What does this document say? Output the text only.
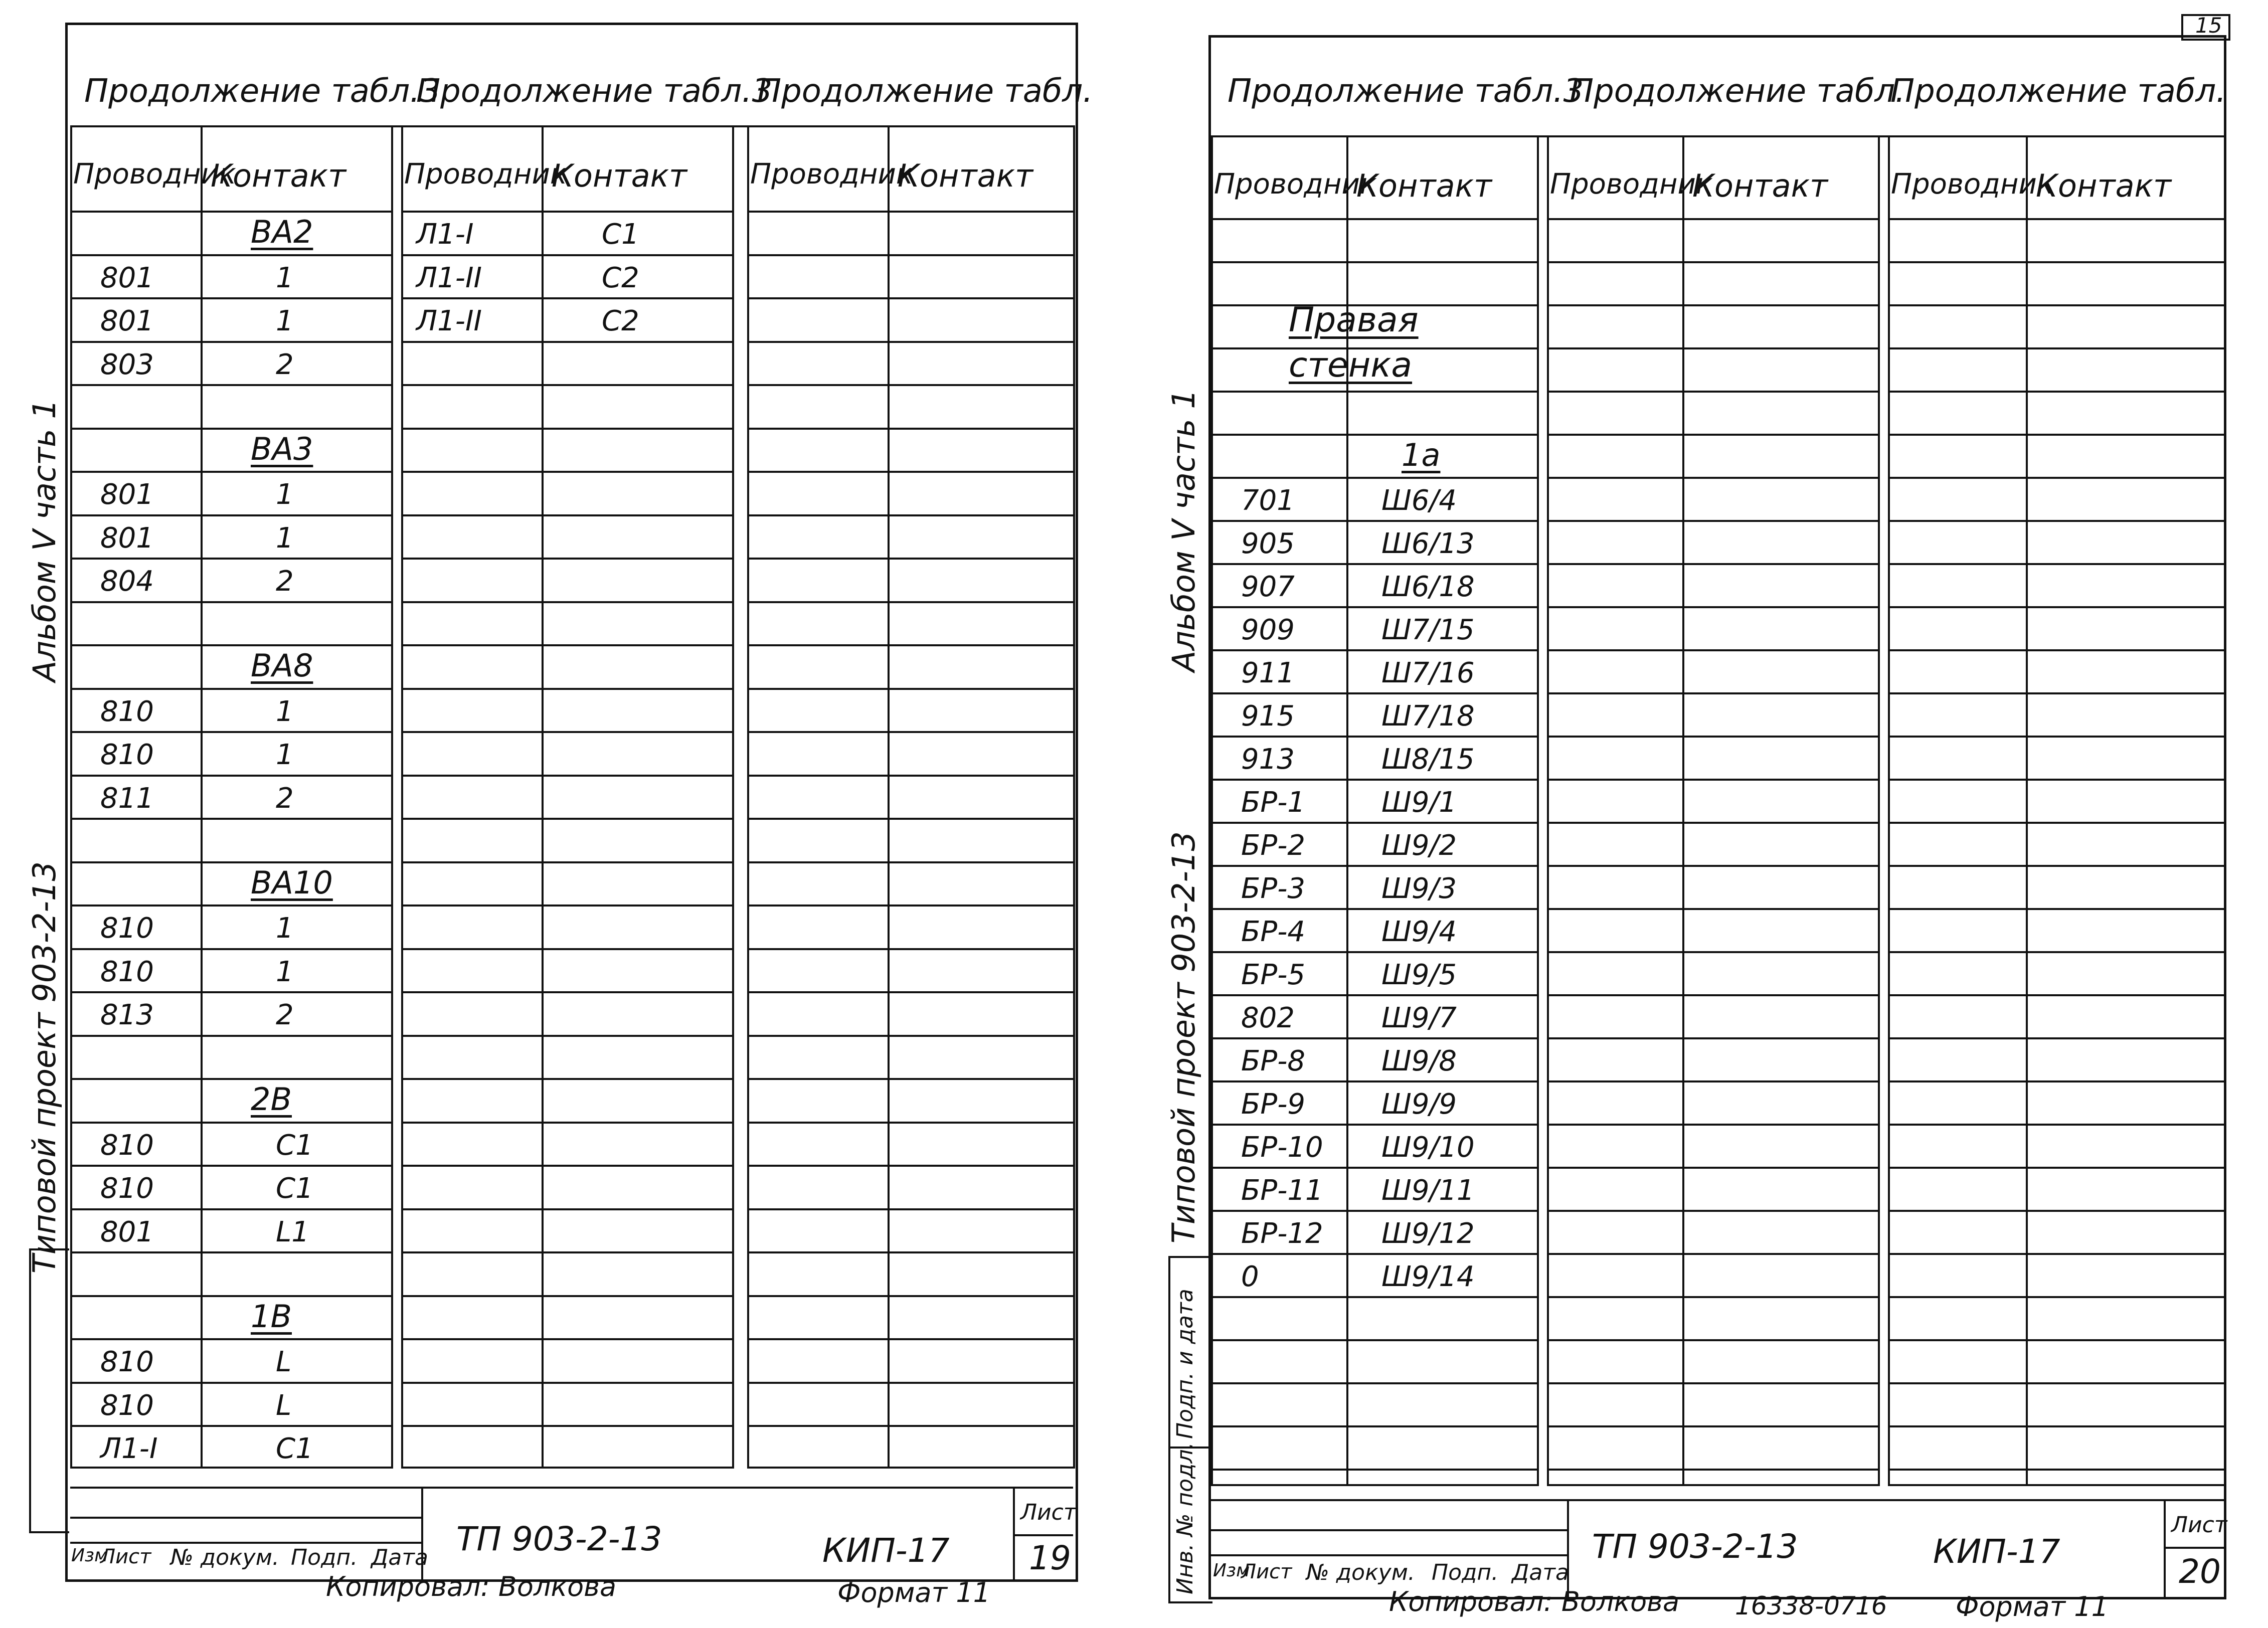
Альбом V часть 1
Типовой проект 903-2-13
Продолжение табл.3
Продолжение табл.3
Продолжение табл.
Проводник
Контакт Проводник
Контакт Проводник
Контакт
ВА2
801	1
801	1
803	2
ВА3
801	1
801	1
804	2
ВА8
810	1
810	1
811	2
ВА10
810	1
810	1
813	2
2В
810	С1
810	С1
801	L1
1В
810	L
810	L
Л1-I	С1
Л1-I	С1
Л1-II	С2
Л1-II	С2
Изм
Лист № докум. Подп. Дата ТП 903-2-13	КИП-17
Лист
19
Копировал: Волкова	Формат 11
15
Альбом V часть 1
Типовой проект 903-2-13
Инв. № подл.
Подп. и дата
Продолжение табл.3
Продолжение табл.
Продолжение табл.
Проводник
Контакт Проводник
Контакт Проводник
Контакт
701	Ш6/4
905	Ш6/13
907	Ш6/18
909	Ш7/15
911	Ш7/16
915	Ш7/18
913	Ш8/15
БР-1	Ш9/1
БР-2	Ш9/2
БР-3	Ш9/3
БР-4	Ш9/4
БР-5	Ш9/5
802	Ш9/7
БР-8	Ш9/8
БР-9	Ш9/9
БР-10 Ш9/10
БР-11 Ш9/11
БР-12 Ш9/12
0	Ш9/14
1а
Правая
стенка
Изм
Лист № докум. Подп. Дата
ТП 903-2-13	КИП-17
Лист
20
Копировал: Волкова 16338-07 16	Формат 11
